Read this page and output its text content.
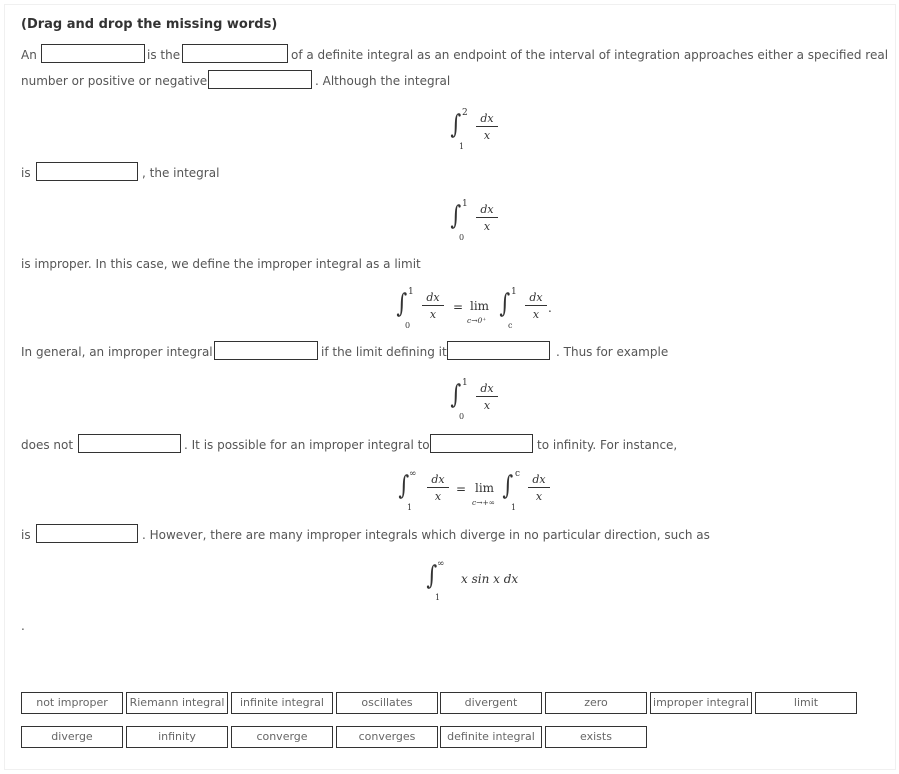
(Drag and drop the missing words)
An	is the	of a definite integral as an endpoint of the interval of integration approaches either a specified real
number or positive or negative	. Although the integral
∫ 2
1
$\frac{dx}{x}$
is	, the integral
∫ 1
0
$\frac{dx}{x}$
is improper. In this case, we define the improper integral as a limit
∫ 1
0
$\frac{dx}{x} = \lim$
c→0⁺
∫ 1
c
$\frac{dx}{x}$ .
In general, an improper integral	if the limit defining it	. Thus for example
∫ 1
0
$\frac{dx}{x}$
does not	. It is possible for an improper integral to	to infinity. For instance,
∫ ∞
1
$\frac{dx}{x} = \lim$
c→+∞
∫ c
1
$\frac{dx}{x}$
is	. However, there are many improper integrals which diverge in no particular direction, such as
∫ ∞
1
x sin x dx
.
not improper	Riemann integral	infinite integral	oscillates	divergent	zero	improper integral	limit
diverge	infinity	converge	converges	definite integral	exists
